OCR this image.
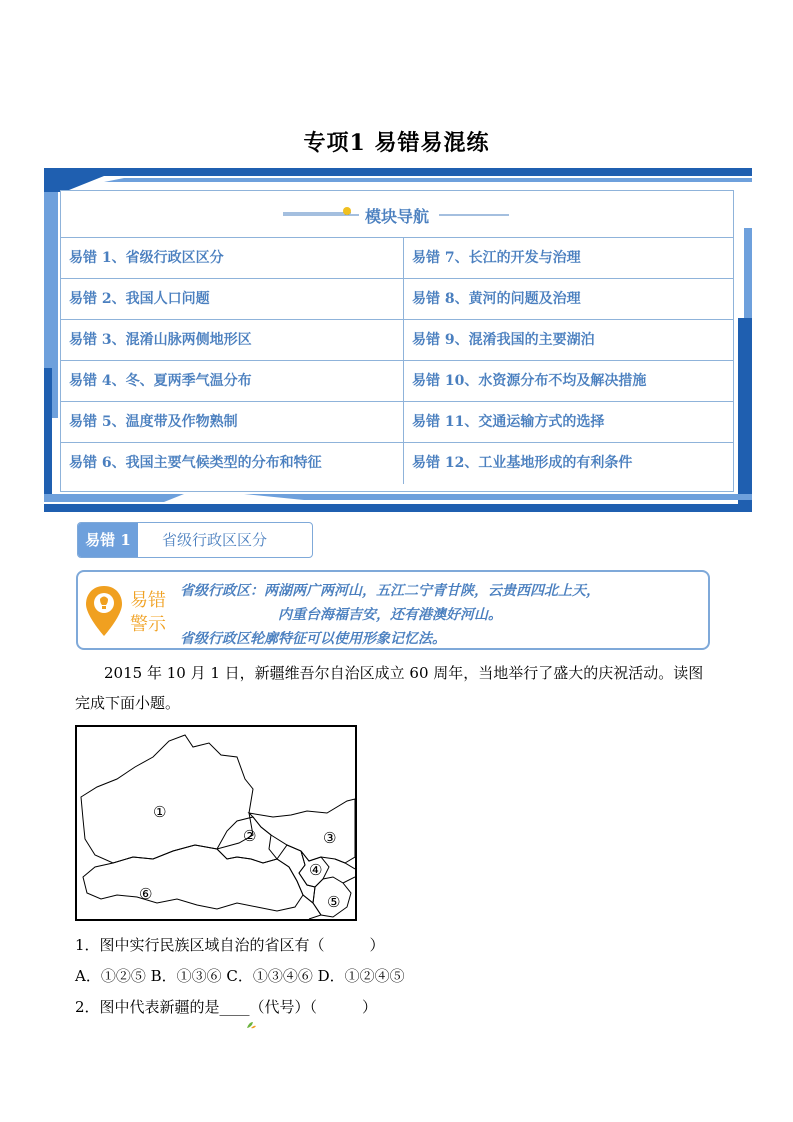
专项1 易错易混练
模块导航
易错 1、省级行政区区分	易错 7、长江的开发与治理
易错 2、我国人口问题	易错 8、黄河的问题及治理
易错 3、混淆山脉两侧地形区	易错 9、混淆我国的主要湖泊
易错 4、冬、夏两季气温分布	易错 10、水资源分布不均及解决措施
易错 5、温度带及作物熟制	易错 11、交通运输方式的选择
易错 6、我国主要气候类型的分布和特征	易错 12、工业基地形成的有利条件
易错 1	省级行政区区分
易错
警示
省级行政区：两湖两广两河山，五江二宁青甘陕，云贵西四北上天，
内重台海福吉安，还有港澳好河山。
省级行政区轮廓特征可以使用形象记忆法。
2015 年 10 月 1 日，新疆维吾尔自治区成立 60 周年，当地举行了盛大的庆祝活动。读图
完成下面小题。
①
②	③
④
⑤
⑥
1．图中实行民族区域自治的省区有（　　　）
A．①②⑤ B．①③⑥ C．①③④⑥ D．①②④⑤
2．图中代表新疆的是____（代号）（　　　）
